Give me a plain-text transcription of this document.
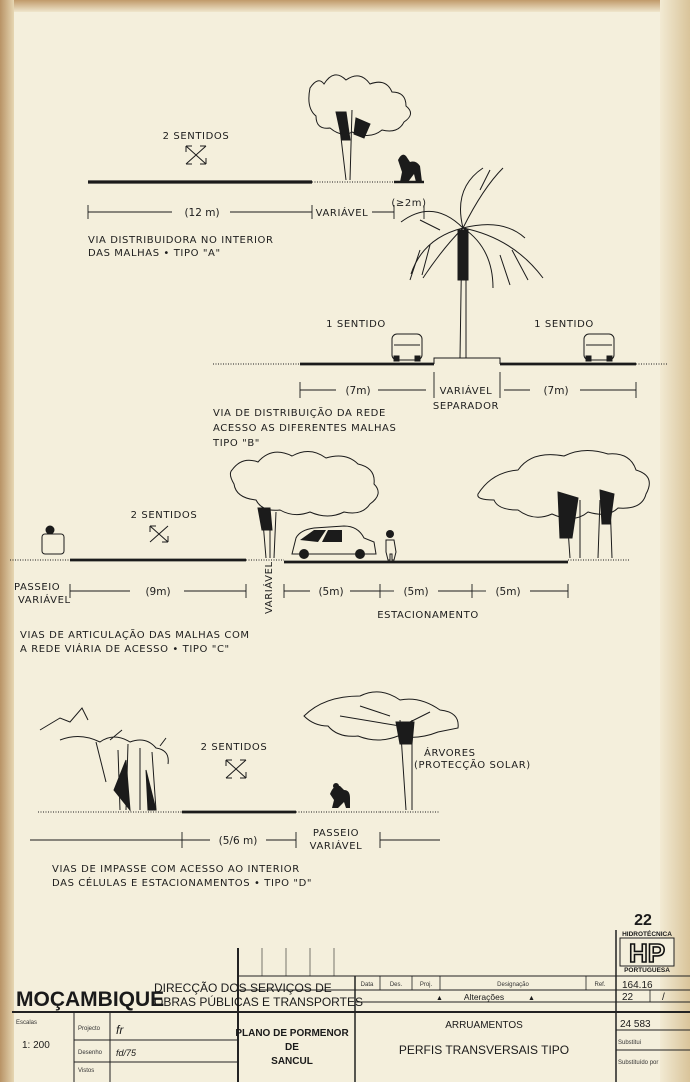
2 SENTIDOS
(12 m)	VARIÁVEL
(≥2m)
VIA DISTRIBUIDORA NO INTERIOR
DAS MALHAS • TIPO "A"
1 SENTIDO	1 SENTIDO
(7m)	VARIÁVEL
SEPARADOR
(7m)
VIA DE DISTRIBUIÇÃO DA REDE
ACESSO AS DIFERENTES MALHAS
TIPO "B"
2 SENTIDOS
PASSEIO
VARIÁVEL
(9m)	VARIÁVEL	(5m)	(5m)	(5m)
ESTACIONAMENTO
VIAS DE ARTICULAÇÃO DAS MALHAS COM
A REDE VIÁRIA DE ACESSO • TIPO "C"
2 SENTIDOS
ÁRVORES
(PROTECÇÃO SOLAR)
(5/6 m)
PASSEIO
VARIÁVEL
VIAS DE IMPASSE COM ACESSO AO INTERIOR
DAS CÉLULAS E ESTACIONAMENTOS • TIPO "D"
22
HIDROTÉCNICA
HP
PORTUGUESA
MOÇAMBIQUE
DIRECÇÃO DOS SERVIÇOS DE
OBRAS PÚBLICAS E TRANSPORTES
Data	Des.	Proj.	Designação	Ref.
▲ Alterações	▲
164.16
22	/
24 583
Substitui
Substituído por
Escalas
1: 200
Projecto fr
Desenho fd/75
Vistos
PLANO DE PORMENOR
DE
SANCUL
ARRUAMENTOS
PERFIS TRANSVERSAIS TIPO
